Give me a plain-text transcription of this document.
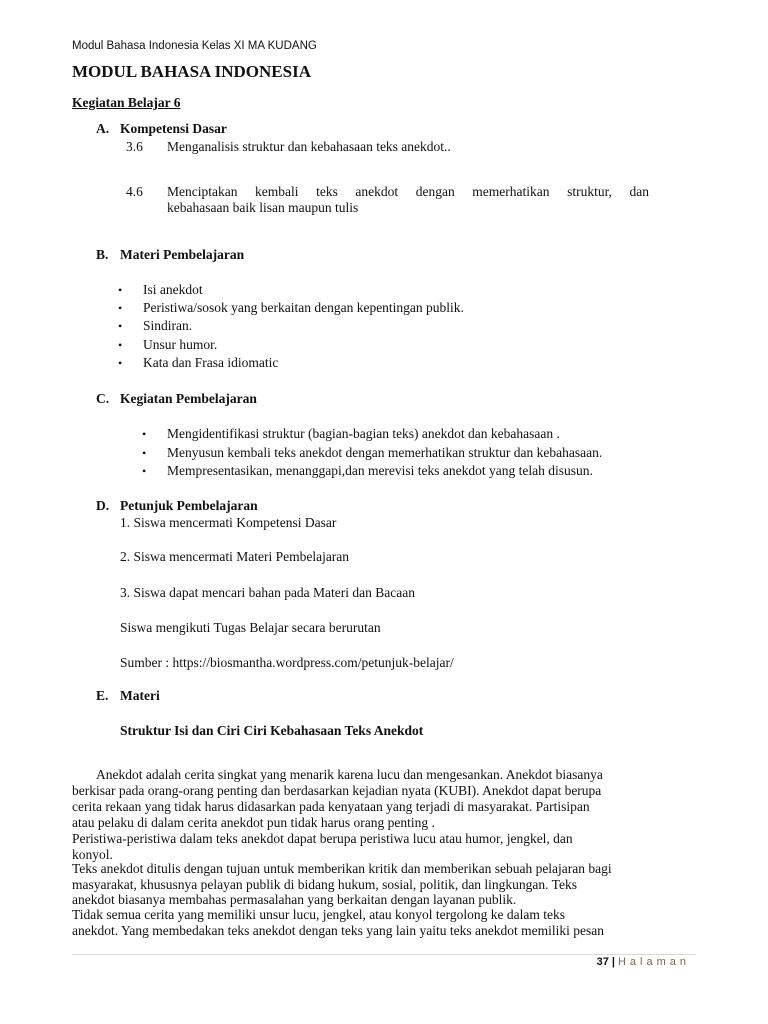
Modul Bahasa Indonesia Kelas XI MA KUDANG
MODUL BAHASA INDONESIA
Kegiatan Belajar 6
A. Kompetensi Dasar
3.6 Menganalisis struktur dan kebahasaan teks anekdot..
4.6 Menciptakan kembali teks anekdot dengan memerhatikan struktur, dan
kebahasaan baik lisan maupun tulis
B. Materi Pembelajaran
• Isi anekdot
• Peristiwa/sosok yang berkaitan dengan kepentingan publik.
• Sindiran.
• Unsur humor.
• Kata dan Frasa idiomatic
C. Kegiatan Pembelajaran
• Mengidentifikasi struktur (bagian-bagian teks) anekdot dan kebahasaan .
• Menyusun kembali teks anekdot dengan memerhatikan struktur dan kebahasaan.
• Mempresentasikan, menanggapi,dan merevisi teks anekdot yang telah disusun.
D. Petunjuk Pembelajaran
1. Siswa mencermati Kompetensi Dasar
2. Siswa mencermati Materi Pembelajaran
3. Siswa dapat mencari bahan pada Materi dan Bacaan
Siswa mengikuti Tugas Belajar secara berurutan
Sumber : https://biosmantha.wordpress.com/petunjuk-belajar/
E. Materi
Struktur Isi dan Ciri Ciri Kebahasaan Teks Anekdot
Anekdot adalah cerita singkat yang menarik karena lucu dan mengesankan. Anekdot biasanya
berkisar pada orang-orang penting dan berdasarkan kejadian nyata (KUBI). Anekdot dapat berupa
cerita rekaan yang tidak harus didasarkan pada kenyataan yang terjadi di masyarakat. Partisipan
atau pelaku di dalam cerita anekdot pun tidak harus orang penting .
Peristiwa-peristiwa dalam teks anekdot dapat berupa peristiwa lucu atau humor, jengkel, dan
konyol.
Teks anekdot ditulis dengan tujuan untuk memberikan kritik dan memberikan sebuah pelajaran bagi
masyarakat, khususnya pelayan publik di bidang hukum, sosial, politik, dan lingkungan. Teks
anekdot biasanya membahas permasalahan yang berkaitan dengan layanan publik.
Tidak semua cerita yang memiliki unsur lucu, jengkel, atau konyol tergolong ke dalam teks
anekdot. Yang membedakan teks anekdot dengan teks yang lain yaitu teks anekdot memiliki pesan
37 | Halaman
